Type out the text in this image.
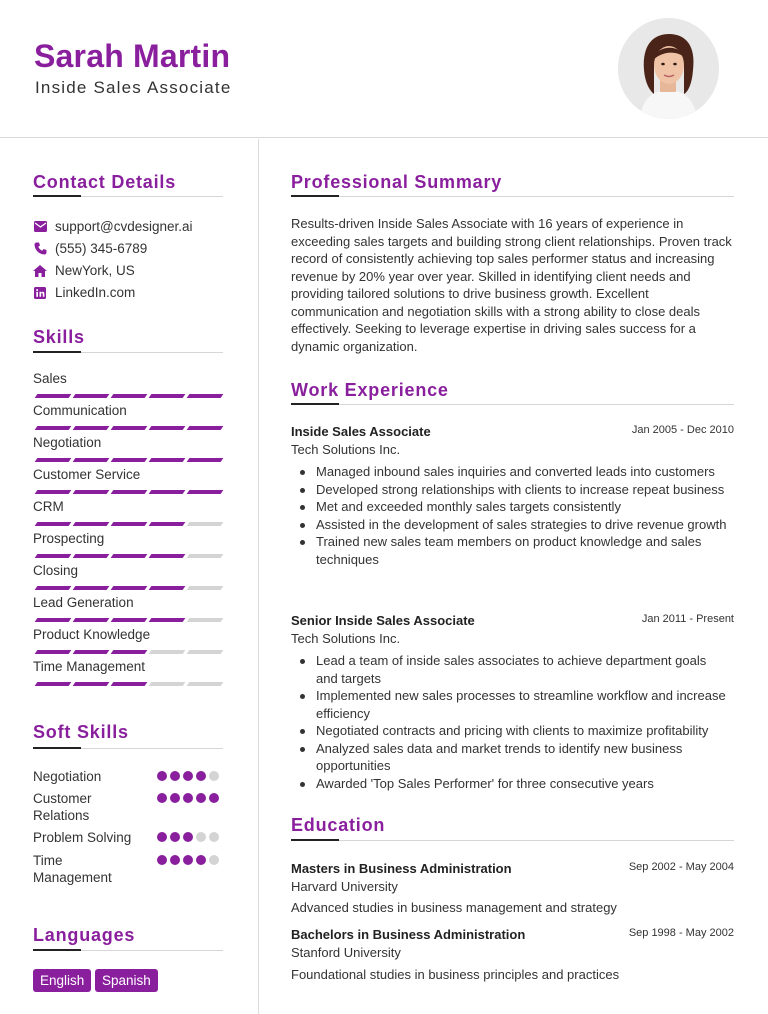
Sarah Martin
Inside Sales Associate
Contact Details
support@cvdesigner.ai
(555) 345-6789
NewYork, US
LinkedIn.com
Skills
Sales
Communication
Negotiation
Customer Service
CRM
Prospecting
Closing
Lead Generation
Product Knowledge
Time Management
Soft Skills
Negotiation
Customer Relations
Problem Solving
Time Management
Languages
English	Spanish
Professional Summary
Results-driven Inside Sales Associate with 16 years of experience in exceeding sales targets and building strong client relationships. Proven track record of consistently achieving top sales performer status and increasing revenue by 20% year over year. Skilled in identifying client needs and providing tailored solutions to drive business growth. Excellent communication and negotiation skills with a strong ability to close deals effectively. Seeking to leverage expertise in driving sales success for a dynamic organization.
Work Experience
Inside Sales Associate	Jan 2005 - Dec 2010
Tech Solutions Inc.
Managed inbound sales inquiries and converted leads into customers
Developed strong relationships with clients to increase repeat business
Met and exceeded monthly sales targets consistently
Assisted in the development of sales strategies to drive revenue growth
Trained new sales team members on product knowledge and sales techniques
Senior Inside Sales Associate	Jan 2011 - Present
Tech Solutions Inc.
Lead a team of inside sales associates to achieve department goals and targets
Implemented new sales processes to streamline workflow and increase efficiency
Negotiated contracts and pricing with clients to maximize profitability
Analyzed sales data and market trends to identify new business opportunities
Awarded 'Top Sales Performer' for three consecutive years
Education
Masters in Business Administration	Sep 2002 - May 2004
Harvard University
Advanced studies in business management and strategy
Bachelors in Business Administration	Sep 1998 - May 2002
Stanford University
Foundational studies in business principles and practices
